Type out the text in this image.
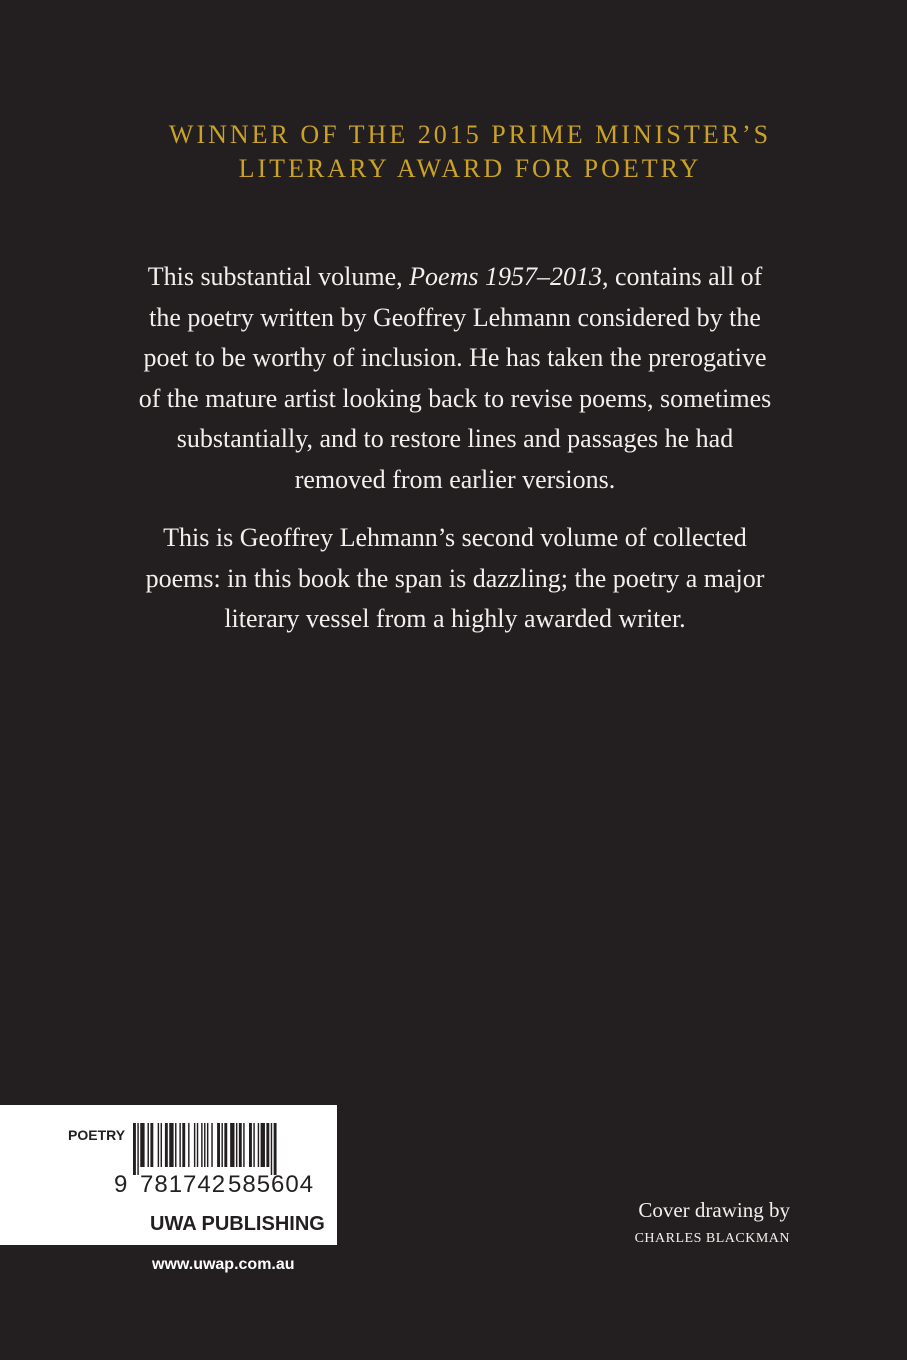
WINNER OF THE 2015 PRIME MINISTER’S
LITERARY AWARD FOR POETRY
This substantial volume, Poems 1957–2013, contains all of
the poetry written by Geoffrey Lehmann considered by the
poet to be worthy of inclusion. He has taken the prerogative
of the mature artist looking back to revise poems, sometimes
substantially, and to restore lines and passages he had
removed from earlier versions.
This is Geoffrey Lehmann’s second volume of collected
poems: in this book the span is dazzling; the poetry a major
literary vessel from a highly awarded writer.
POETRY
9 781742 585604
UWA PUBLISHING
www.uwap.com.au
Cover drawing by
CHARLES BLACKMAN
